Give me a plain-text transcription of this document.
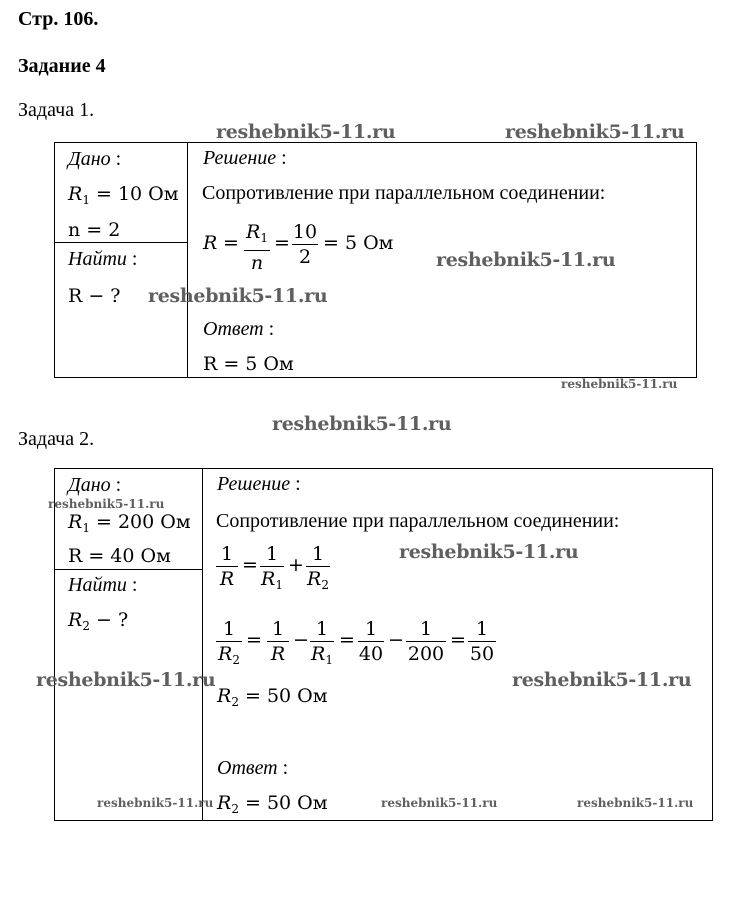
Стр. 106.
Задание 4
Задача 1.
Дано :
$R_1 = 10$ Ом
n = 2
Найти :
R − ?
Решение :
Сопротивление при параллельном соединении:
$R = R_1$
n
= 10
2
= 5 Ом
Ответ :
R = 5 Ом
Задача 2.
Дано :
$R_1 = 200$ Ом
R = 40 Ом
Найти :
$R_2$ − ?
Решение :
Сопротивление при параллельном соединении:
1
R
= 1
$R_1$
+ 1
$R_2$
1
$R_2$
= 1
R
− 1
$R_1$
= 1
40
− 1
200
= 1
50
$R_2 = 50$ Ом
Ответ :
$R_2 = 50$ Ом
reshebnik5-11.ru	reshebnik5-11.ru
reshebnik5-11.ru
reshebnik5-11.ru
reshebnik5-11.ru
reshebnik5-11.ru
reshebnik5-11.ru
reshebnik5-11.ru
reshebnik5-11.ru	reshebnik5-11.ru
reshebnik5-11.ru	reshebnik5-11.ru	reshebnik5-11.ru
